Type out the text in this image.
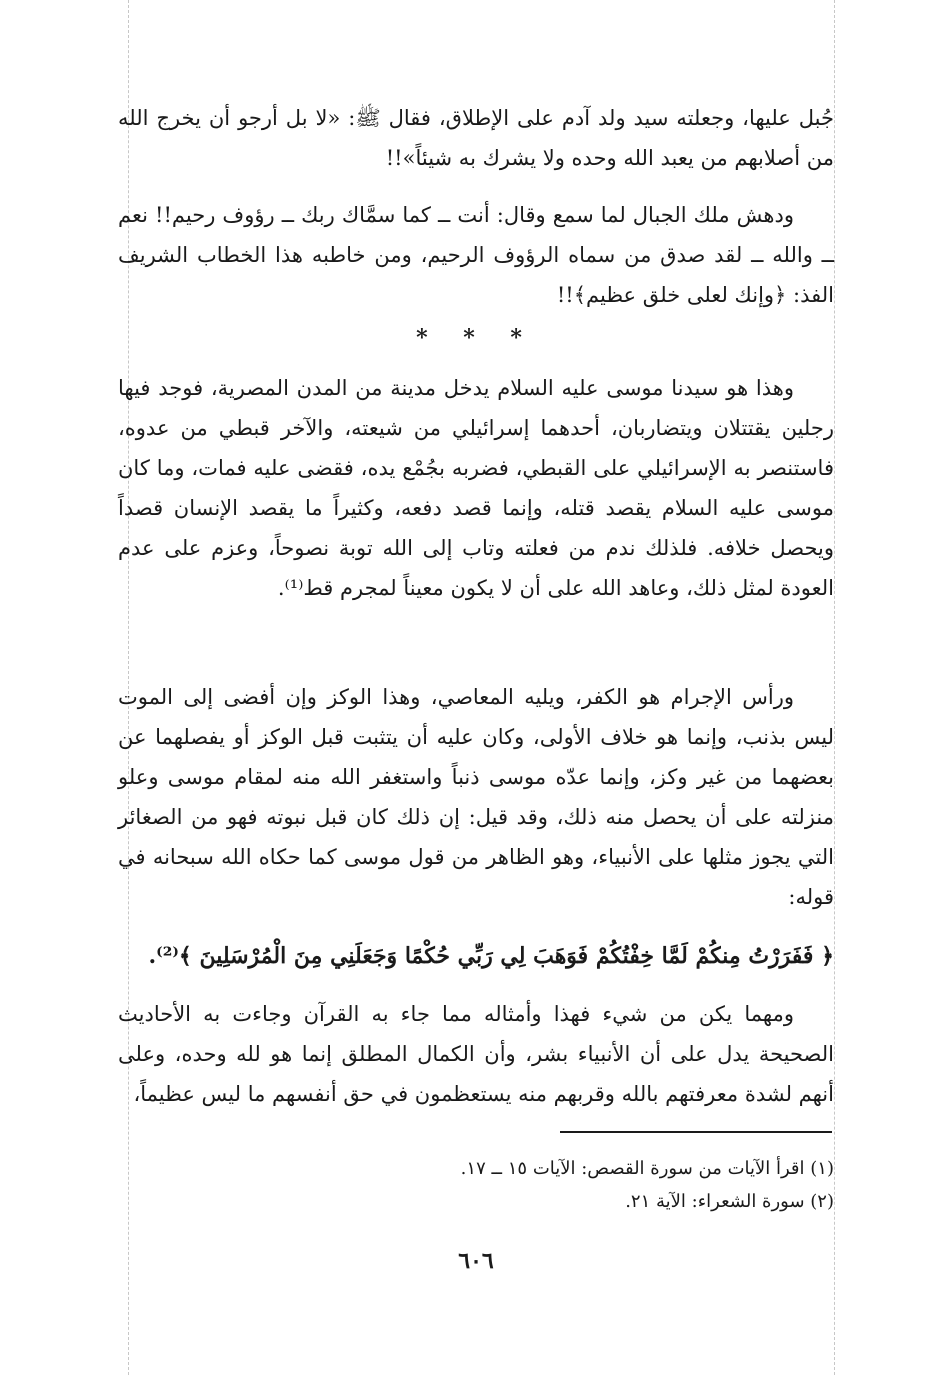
جُبل عليها، وجعلته سيد ولد آدم على الإطلاق، فقال ﷺ: «لا بل أرجو أن يخرج الله من أصلابهم من يعبد الله وحده ولا يشرك به شيئاً»!!

ودهش ملك الجبال لما سمع وقال: أنت ــ كما سمَّاك ربك ــ رؤوف رحيم!! نعم ــ والله ــ لقد صدق من سماه الرؤوف الرحيم، ومن خاطبه هذا الخطاب الشريف الفذ: ﴿وإنك لعلى خلق عظيم﴾!!

* * *

وهذا هو سيدنا موسى عليه السلام يدخل مدينة من المدن المصرية، فوجد فيها رجلين يقتتلان ويتضاربان، أحدهما إسرائيلي من شيعته، والآخر قبطي من عدوه، فاستنصر به الإسرائيلي على القبطي، فضربه بجُمْع يده، فقضى عليه فمات، وما كان موسى عليه السلام يقصد قتله، وإنما قصد دفعه، وكثيراً ما يقصد الإنسان قصداً ويحصل خلافه. فلذلك ندم من فعلته وتاب إلى الله توبة نصوحاً، وعزم على عدم العودة لمثل ذلك، وعاهد الله على أن لا يكون معيناً لمجرم قط⁽¹⁾.

ورأس الإجرام هو الكفر، ويليه المعاصي، وهذا الوكز وإن أفضى إلى الموت ليس بذنب، وإنما هو خلاف الأولى، وكان عليه أن يتثبت قبل الوكز أو يفصلهما عن بعضهما من غير وكز، وإنما عدّه موسى ذنباً واستغفر الله منه لمقام موسى وعلو منزلته على أن يحصل منه ذلك، وقد قيل: إن ذلك كان قبل نبوته فهو من الصغائر التي يجوز مثلها على الأنبياء، وهو الظاهر من قول موسى كما حكاه الله سبحانه في قوله:

﴿ فَفَرَرْتُ مِنكُمْ لَمَّا خِفْتُكُمْ فَوَهَبَ لِي رَبِّي حُكْمًا وَجَعَلَنِي مِنَ الْمُرْسَلِينَ ﴾⁽²⁾.

ومهما يكن من شيء فهذا وأمثاله مما جاء به القرآن وجاءت به الأحاديث الصحيحة يدل على أن الأنبياء بشر، وأن الكمال المطلق إنما هو لله وحده، وعلى أنهم لشدة معرفتهم بالله وقربهم منه يستعظمون في حق أنفسهم ما ليس عظيماً،

(١) اقرأ الآيات من سورة القصص: الآيات ١٥ ــ ١٧.

(٢) سورة الشعراء: الآية ٢١.

٦٠٦
